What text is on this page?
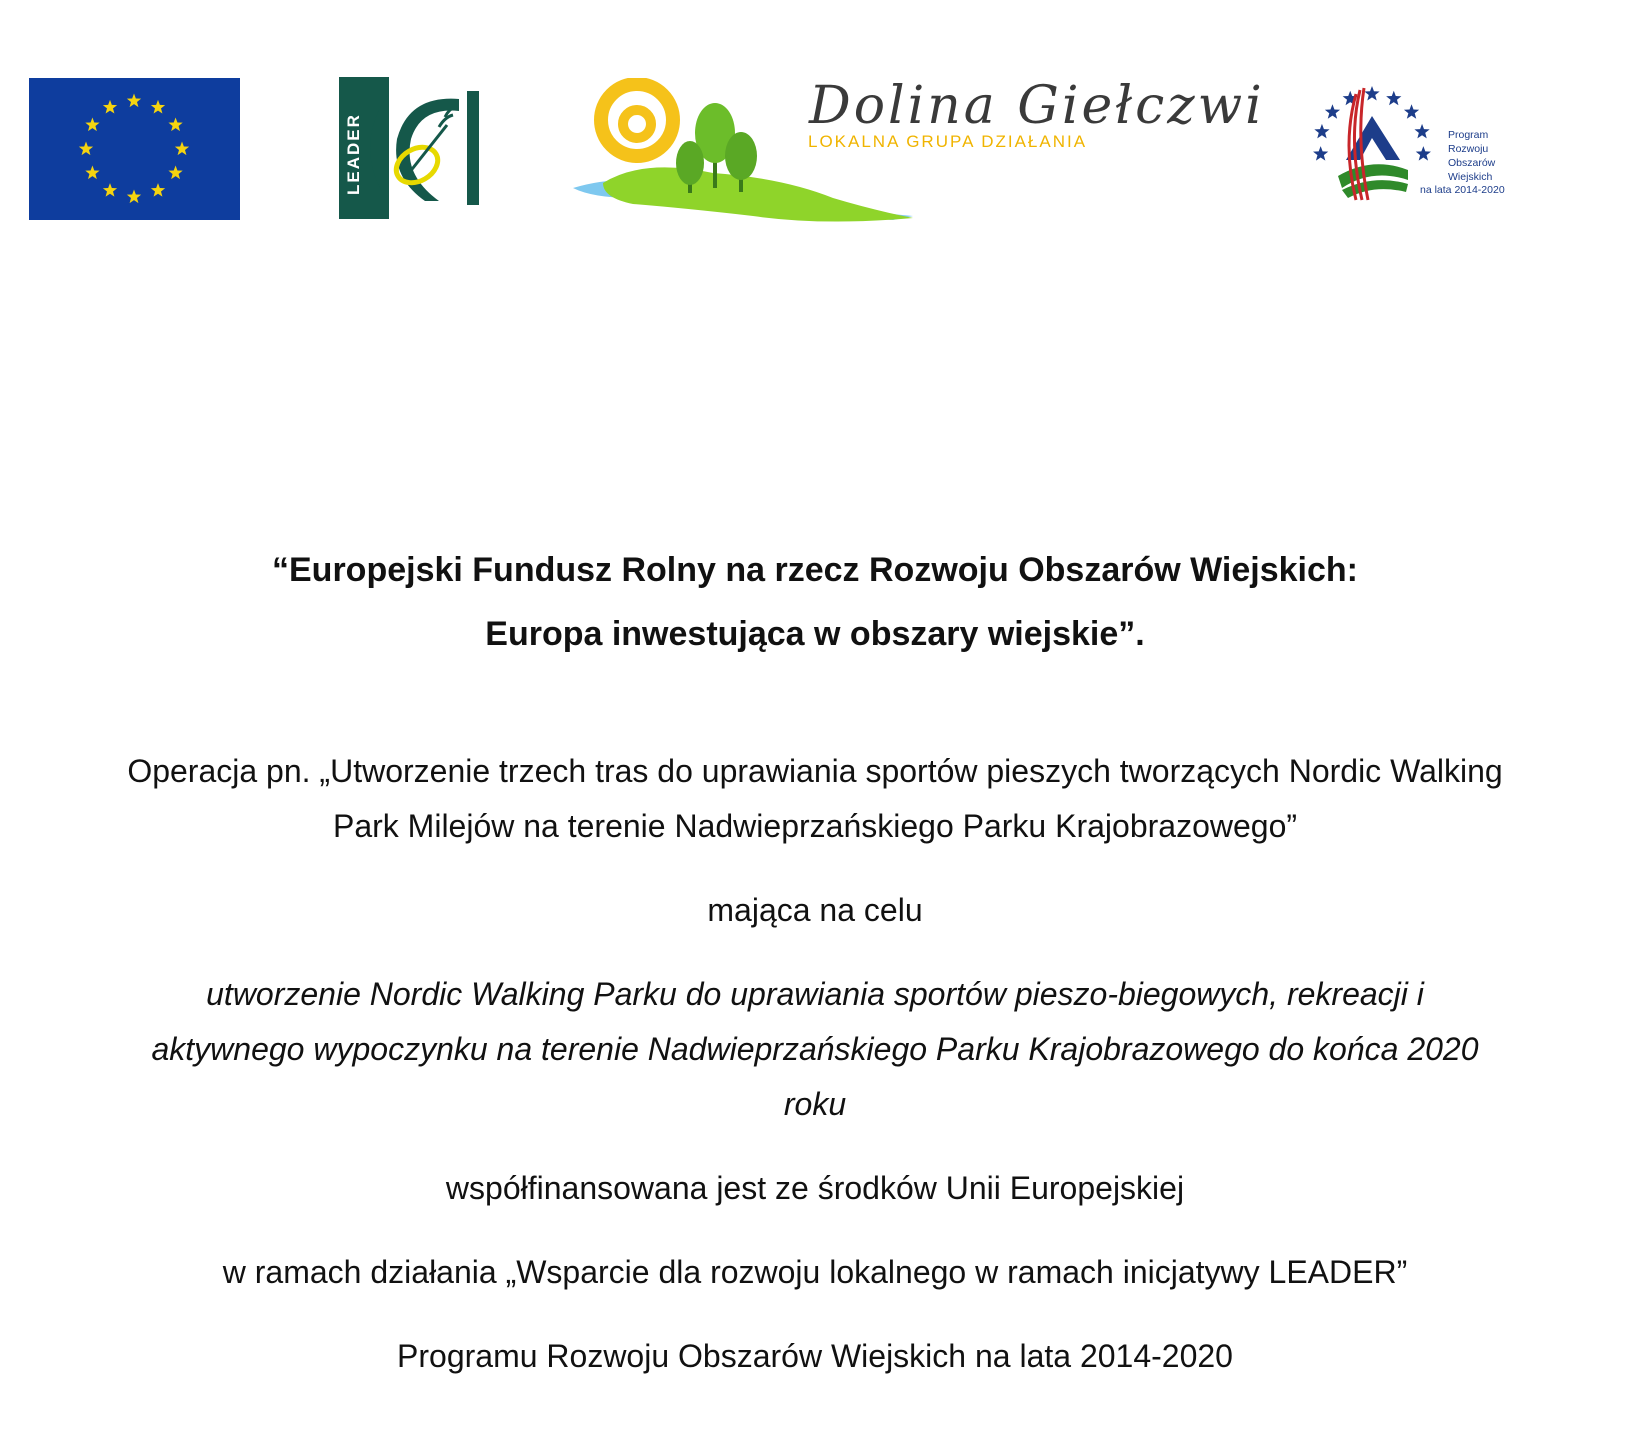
LEADER
Dolina Giełczwi
LOKALNA GRUPA DZIAŁANIA	Program
Rozwoju
Obszarów
Wiejskich
na lata 2014-2020

“Europejski Fundusz Rolny na rzecz Rozwoju Obszarów Wiejskich:

Europa inwestująca w obszary wiejskie”.

Operacja pn. „Utworzenie trzech tras do uprawiania sportów pieszych tworzących Nordic Walking

Park Milejów na terenie Nadwieprzańskiego Parku Krajobrazowego”

mająca na celu

utworzenie Nordic Walking Parku do uprawiania sportów pieszo-biegowych, rekreacji i

aktywnego wypoczynku na terenie Nadwieprzańskiego Parku Krajobrazowego do końca 2020

roku

współfinansowana jest ze środków Unii Europejskiej

w ramach działania „Wsparcie dla rozwoju lokalnego w ramach inicjatywy LEADER”

Programu Rozwoju Obszarów Wiejskich na lata 2014-2020
